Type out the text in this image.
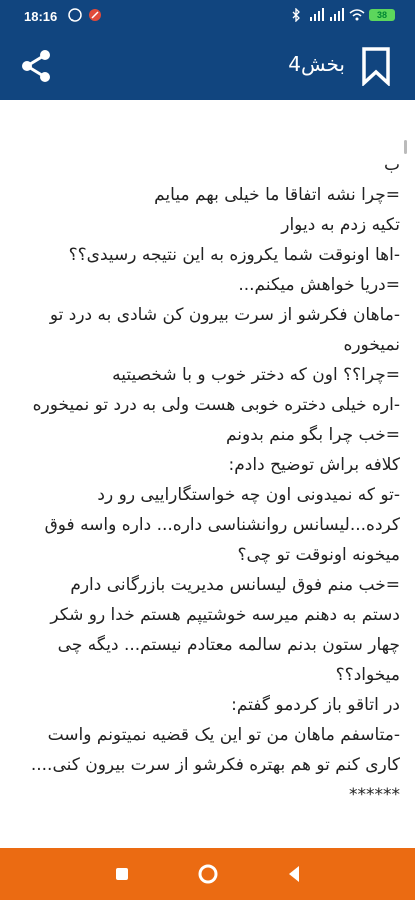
18:16	38
بخش4
ب
=چرا نشه اتفاقا ما خیلی بهم میایم
تکیه زدم به دیوار
-اها اونوقت شما یکروزه به این نتیجه رسیدی؟؟
=دریا خواهش میکنم...
-ماهان فکرشو از سرت بیرون کن شادی به درد تو
نمیخوره
=چرا؟؟ اون که دختر خوب و با شخصیتیه
-اره خیلی دختره خوبی هست ولی به درد تو نمیخوره
=خب چرا بگو منم بدونم
کلافه براش توضیح دادم:
-تو که نمیدونی اون چه خواستگاراییی رو رد
کرده...لیسانس روانشناسی داره... داره واسه فوق
میخونه اونوقت تو چی؟
=خب منم فوق لیسانس مدیریت بازرگانی دارم
دستم به دهنم میرسه خوشتیپم هستم خدا رو شکر
چهار ستون بدنم سالمه معتادم نیستم... دیگه چی
میخواد؟؟
در اتاقو باز کردمو گفتم:
-متاسفم ماهان من تو این یک قضیه نمیتونم واست
کاری کنم تو هم بهتره فکرشو از سرت بیرون کنی....
******
